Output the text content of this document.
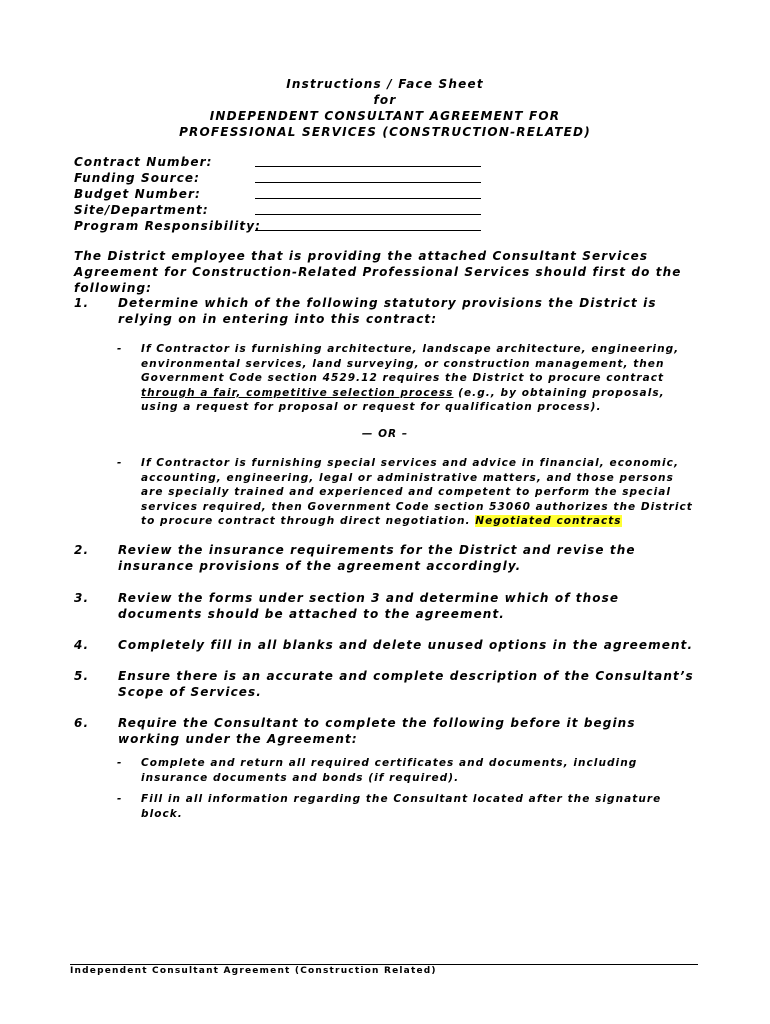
Instructions / Face Sheet
for
INDEPENDENT CONSULTANT AGREEMENT FOR
PROFESSIONAL SERVICES (CONSTRUCTION-RELATED)
Contract Number:
Funding Source:
Budget Number:
Site/Department:
Program Responsibility:
The District employee that is providing the attached Consultant Services Agreement for Construction-Related Professional Services should first do the following:
1. Determine which of the following statutory provisions the District is relying on in entering into this contract:
- If Contractor is furnishing architecture, landscape architecture, engineering, environmental services, land surveying, or construction management, then Government Code section 4529.12 requires the District to procure contract through a fair, competitive selection process (e.g., by obtaining proposals, using a request for proposal or request for qualification process).
— OR –
- If Contractor is furnishing special services and advice in financial, economic, accounting, engineering, legal or administrative matters, and those persons are specially trained and experienced and competent to perform the special services required, then Government Code section 53060 authorizes the District to procure contract through direct negotiation. Negotiated contracts
2. Review the insurance requirements for the District and revise the insurance provisions of the agreement accordingly.
3. Review the forms under section 3 and determine which of those documents should be attached to the agreement.
4. Completely fill in all blanks and delete unused options in the agreement.
5. Ensure there is an accurate and complete description of the Consultant’s Scope of Services.
6. Require the Consultant to complete the following before it begins working under the Agreement:
- Complete and return all required certificates and documents, including insurance documents and bonds (if required).
- Fill in all information regarding the Consultant located after the signature block.
Independent Consultant Agreement (Construction Related)
